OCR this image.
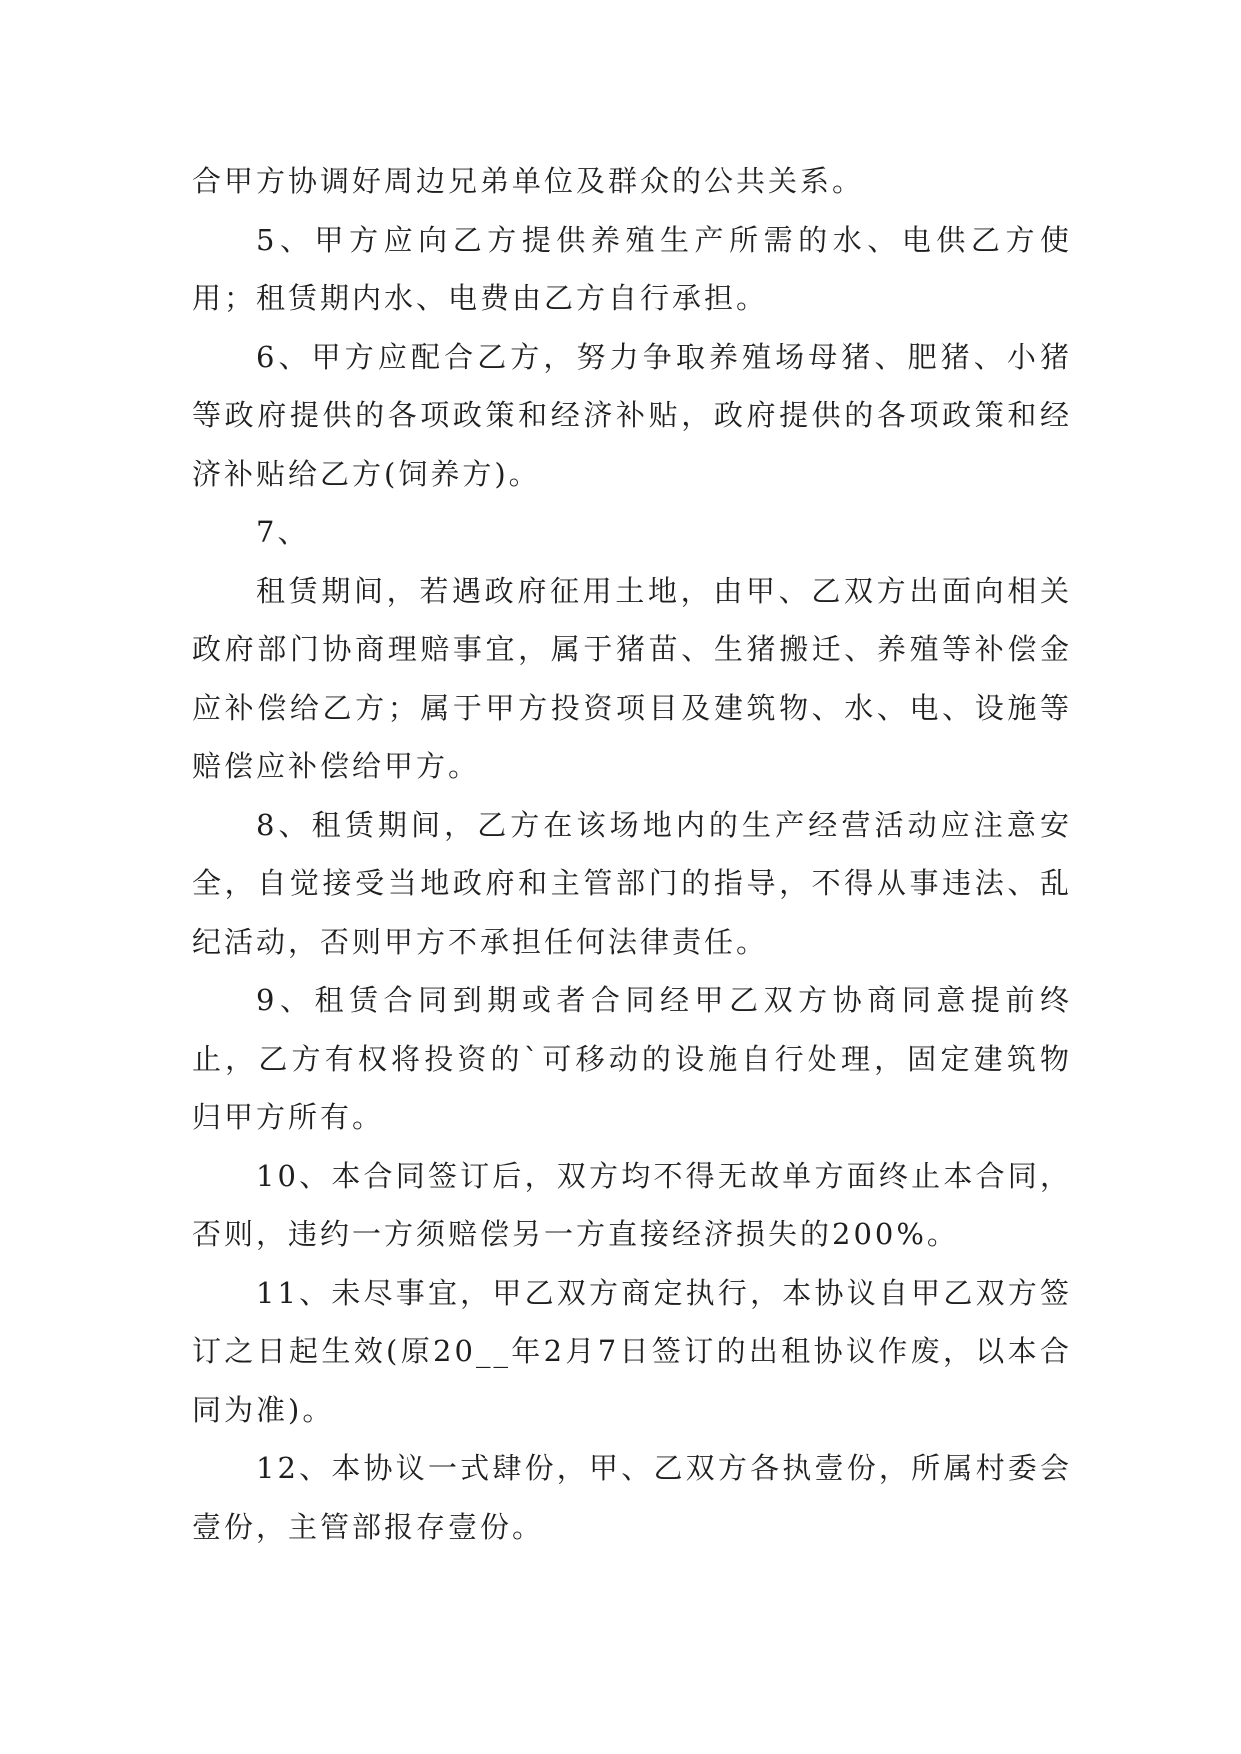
合甲方协调好周边兄弟单位及群众的公共关系。

5、甲方应向乙方提供养殖生产所需的水、电供乙方使用；租赁期内水、电费由乙方自行承担。

6、甲方应配合乙方，努力争取养殖场母猪、肥猪、小猪等政府提供的各项政策和经济补贴，政府提供的各项政策和经济补贴给乙方(饲养方)。

7、

租赁期间，若遇政府征用土地，由甲、乙双方出面向相关政府部门协商理赔事宜，属于猪苗、生猪搬迁、养殖等补偿金应补偿给乙方；属于甲方投资项目及建筑物、水、电、设施等赔偿应补偿给甲方。

8、租赁期间，乙方在该场地内的生产经营活动应注意安全，自觉接受当地政府和主管部门的指导，不得从事违法、乱纪活动，否则甲方不承担任何法律责任。

9、租赁合同到期或者合同经甲乙双方协商同意提前终止，乙方有权将投资的`可移动的设施自行处理，固定建筑物归甲方所有。

10、本合同签订后，双方均不得无故单方面终止本合同，否则，违约一方须赔偿另一方直接经济损失的200%。

11、未尽事宜，甲乙双方商定执行，本协议自甲乙双方签订之日起生效(原20__年2月7日签订的出租协议作废，以本合同为准)。

12、本协议一式肆份，甲、乙双方各执壹份，所属村委会壹份，主管部报存壹份。
